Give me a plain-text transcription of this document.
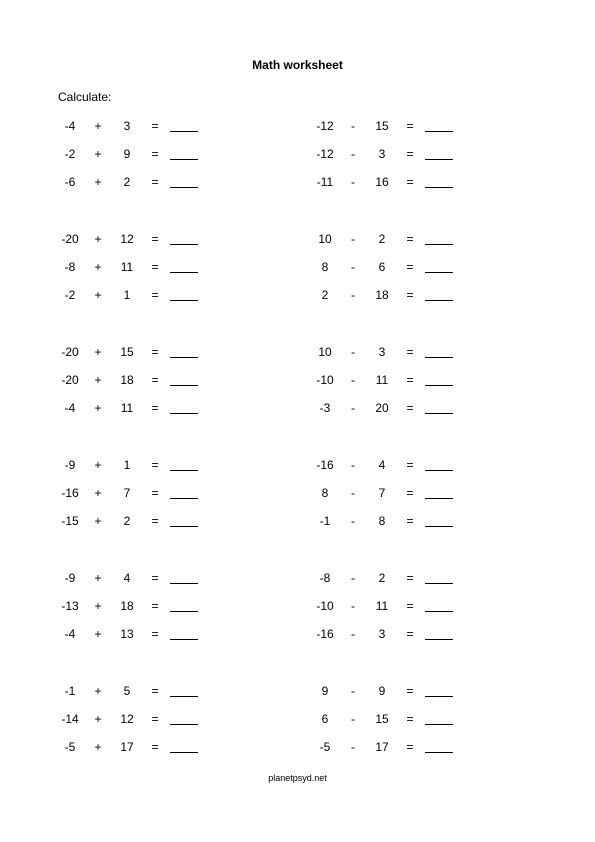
Math worksheet
Calculate:
-4	+	3	=
-2	+	9	=
-6	+	2	=
-12	-	15	=
-12	-	3	=
-11	-	16	=
-20	+	12	=
-8	+	11	=
-2	+	1	=
10	-	2	=
8	-	6	=
2	-	18	=
-20	+	15	=
-20	+	18	=
-4	+	11	=
10	-	3	=
-10	-	11	=
-3	-	20	=
-9	+	1	=
-16	+	7	=
-15	+	2	=
-16	-	4	=
8	-	7	=
-1	-	8	=
-9	+	4	=
-13	+	18	=
-4	+	13	=
-8	-	2	=
-10	-	11	=
-16	-	3	=
-1	+	5	=
-14	+	12	=
-5	+	17	=
9	-	9	=
6	-	15	=
-5	-	17	=
planetpsyd.net
